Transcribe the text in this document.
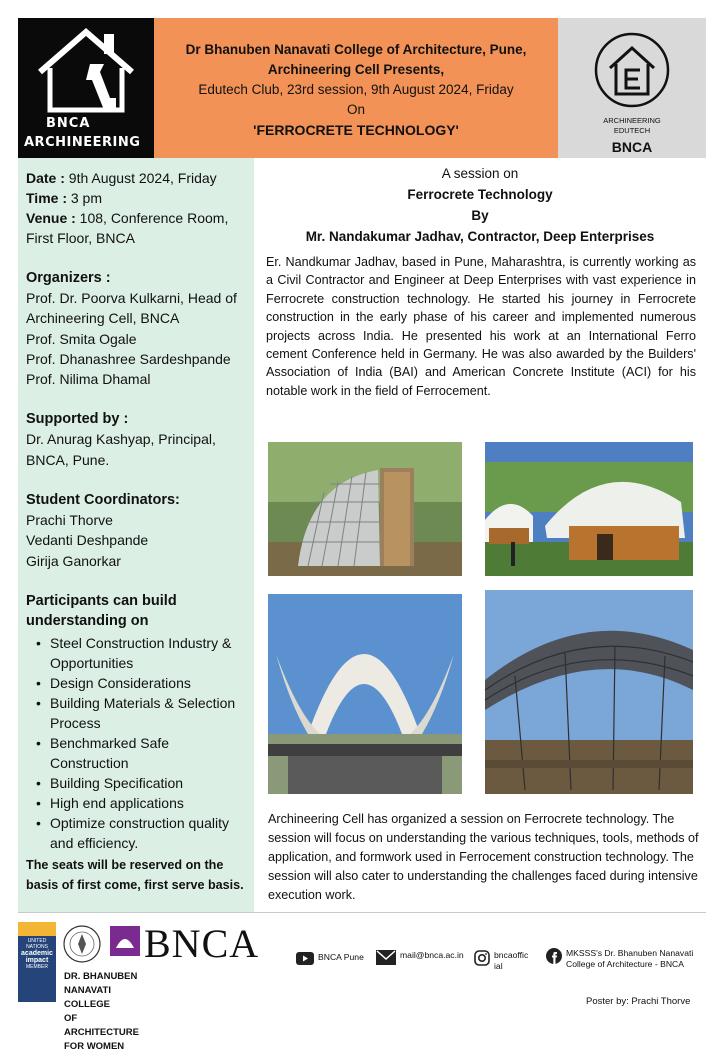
BNCA
ARCHINEERING
Dr Bhanuben Nanavati College of Architecture, Pune,
Archineering Cell Presents,
Edutech Club, 23rd session, 9th August 2024, Friday
On
'FERROCRETE TECHNOLOGY'
ARCHINEERING
EDUTECH
BNCA
Date : 9th August 2024, Friday
Time : 3 pm
Venue : 108, Conference Room,
First Floor, BNCA
Organizers :
Prof. Dr. Poorva Kulkarni, Head of
Archineering Cell, BNCA
Prof. Smita Ogale
Prof. Dhanashree Sardeshpande
Prof. Nilima Dhamal
Supported by :
Dr. Anurag Kashyap, Principal,
BNCA, Pune.
Student Coordinators:
Prachi Thorve
Vedanti Deshpande
Girija Ganorkar
Participants can build
understanding on
• Steel Construction Industry &
Opportunities
• Design Considerations
• Building Materials & Selection
Process
• Benchmarked Safe
Construction
• Building Specification
• High end applications
• Optimize construction quality
and efficiency.
The seats will be reserved on the
basis of first come, first serve basis.
A session on
Ferrocrete Technology
By
Mr. Nandakumar Jadhav, Contractor, Deep Enterprises
Er. Nandkumar Jadhav, based in Pune, Maharashtra, is currently working as a Civil Contractor and Engineer at Deep Enterprises with vast experience in Ferrocrete construction technology. He started his journey in Ferrocrete construction in the early phase of his career and implemented numerous projects across India. He presented his work at an International Ferro cement Conference held in Germany. He was also awarded by the Builders' Association of India (BAI) and American Concrete Institute (ACI) for his notable work in the field of Ferrocement.
Archineering Cell has organized a session on Ferrocrete technology. The session will focus on understanding the various techniques, tools, methods of application, and formwork used in Ferrocement construction technology. The session will also cater to understanding the challenges faced during intensive execution work.
UNITED NATIONS
academic
impact
MEMBER
BNCA
DR. BHANUBEN NANAVATI COLLEGE
OF ARCHITECTURE FOR WOMEN
BNCA Pune	mail@bnca.ac.in	bncaofficial
MKSSS's Dr. Bhanuben Nanavati
College of Architecture - BNCA
Poster by: Prachi Thorve
